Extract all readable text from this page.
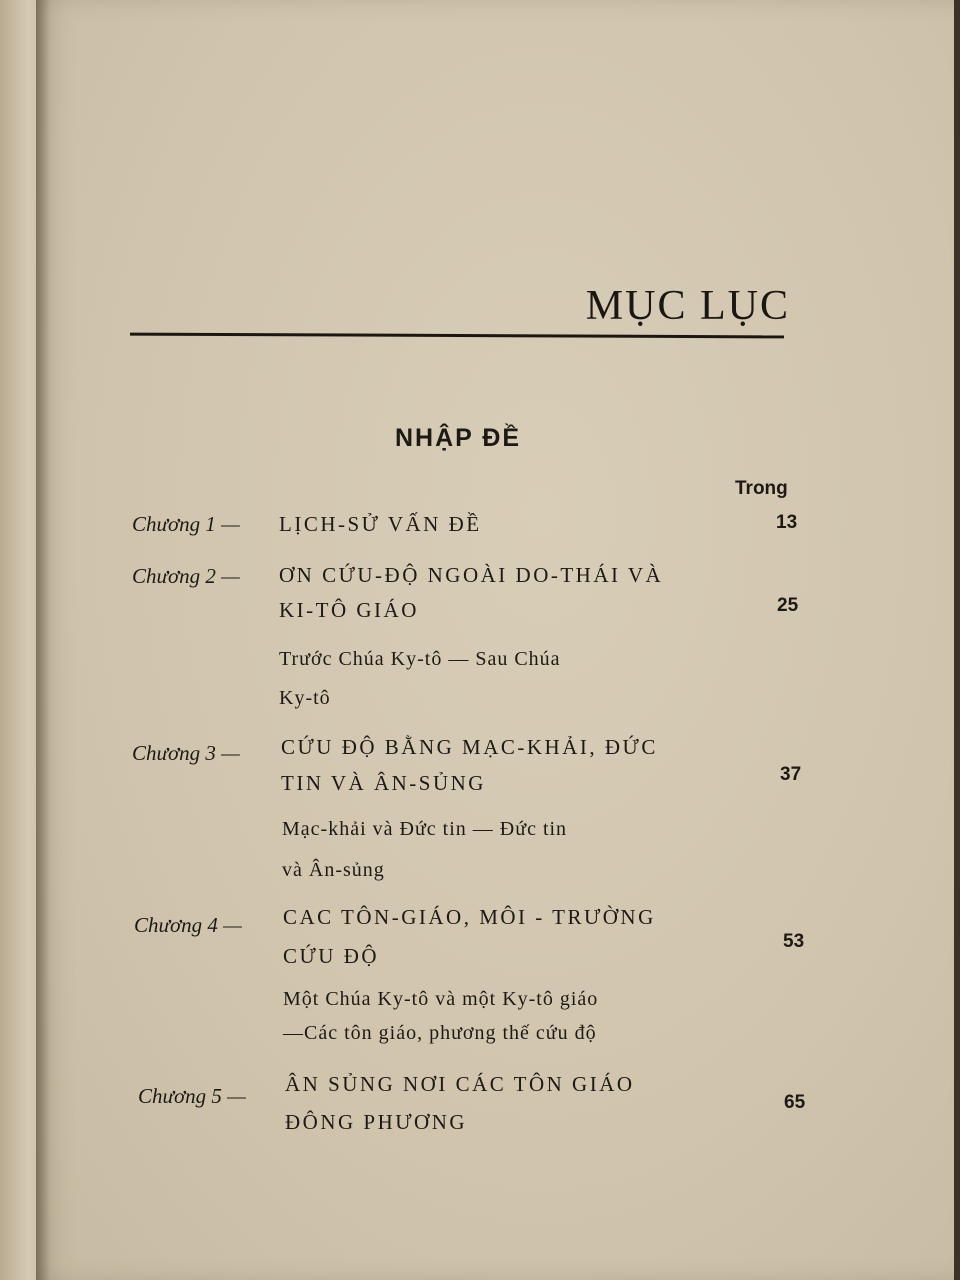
MỤC LỤC
NHẬP ĐỀ
Trong
Chương 1 — LỊCH-SỬ VẤN ĐỀ	13
Chương 2 — ƠN CỨU-ĐỘ NGOÀI DO-THÁI VÀ
KI-TÔ GIÁO	25
Trước Chúa Ky-tô — Sau Chúa
Ky-tô
Chương 3 — CỨU ĐỘ BẰNG MẠC-KHẢI, ĐỨC
TIN VÀ ÂN-SỦNG	37
Mạc-khải và Đức tin — Đức tin
và Ân-sủng
Chương 4 — CAC TÔN-GIÁO, MÔI - TRƯỜNG
CỨU ĐỘ
53
Một Chúa Ky-tô và một Ky-tô giáo
—Các tôn giáo, phương thế cứu độ
Chương 5 — ÂN SỦNG NƠI CÁC TÔN GIÁO
ĐÔNG PHƯƠNG
65
